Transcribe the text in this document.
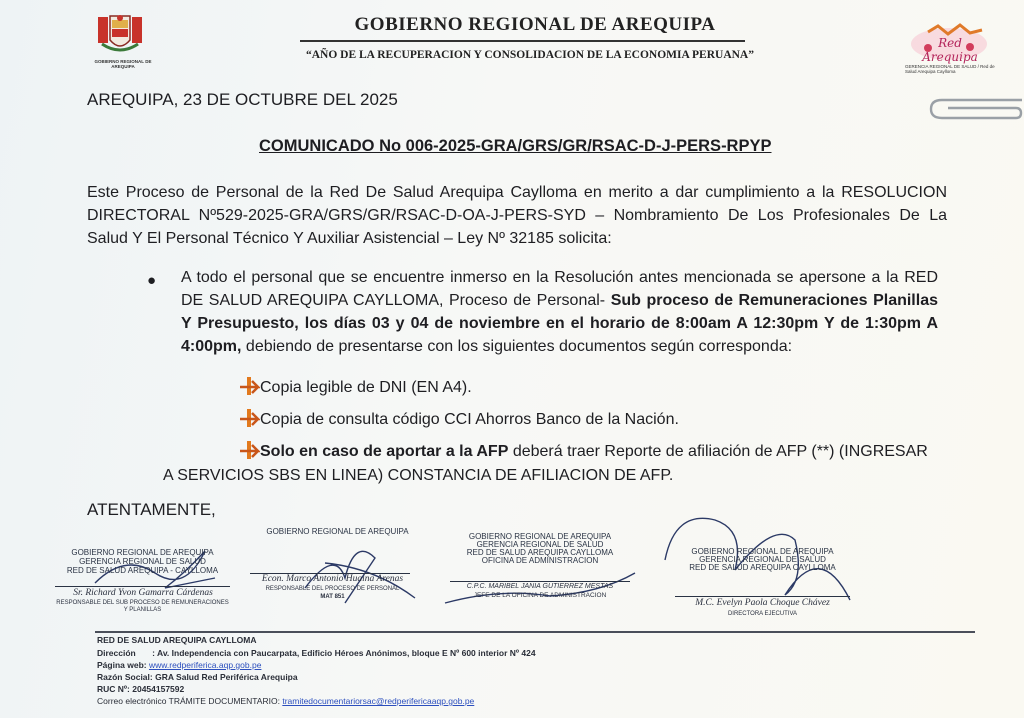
GOBIERNO REGIONAL DE AREQUIPA
GOBIERNO REGIONAL DE AREQUIPA
“AÑO DE LA RECUPERACION Y CONSOLIDACION DE LA ECONOMIA PERUANA”
Red Arequipa
GERENCIA REGIONAL DE SALUD / Red de Salud Arequipa Caylloma
AREQUIPA, 23 DE OCTUBRE DEL 2025
COMUNICADO No 006-2025-GRA/GRS/GR/RSAC-D-J-PERS-RPYP
Este Proceso de Personal de la Red De Salud Arequipa Caylloma en merito a dar cumplimiento a la RESOLUCION
DIRECTORAL Nº529-2025-GRA/GRS/GR/RSAC-D-OA-J-PERS-SYD – Nombramiento De Los Profesionales De La
Salud Y El Personal Técnico Y Auxiliar Asistencial – Ley Nº 32185 solicita:
● A todo el personal que se encuentre inmerso en la Resolución antes mencionada se apersone a la RED
DE SALUD AREQUIPA CAYLLOMA, Proceso de Personal- Sub proceso de Remuneraciones Planillas
Y Presupuesto, los días 03 y 04 de noviembre en el horario de 8:00am A 12:30pm Y de 1:30pm A
4:00pm, debiendo de presentarse con los siguientes documentos según corresponda:
Copia legible de DNI (EN A4).
Copia de consulta código CCI Ahorros Banco de la Nación.
Solo en caso de aportar a la AFP deberá traer Reporte de afiliación de AFP (**) (INGRESAR
A SERVICIOS SBS EN LINEA) CONSTANCIA DE AFILIACION DE AFP.
ATENTAMENTE,
GOBIERNO REGIONAL DE AREQUIPA
GERENCIA REGIONAL DE SALUD
RED DE SALUD AREQUIPA - CAYLLOMA
Sr. Richard Yvon Gamarra Cárdenas
RESPONSABLE DEL SUB PROCESO DE REMUNERACIONES Y PLANILLAS
GOBIERNO REGIONAL DE AREQUIPA
Econ. Marco Antonio Huaina Arenas
RESPONSABLE DEL PROCESO DE PERSONAL
MAT 851
GOBIERNO REGIONAL DE AREQUIPA
GERENCIA REGIONAL DE SALUD
RED DE SALUD AREQUIPA CAYLLOMA
OFICINA DE ADMINISTRACION
C.P.C. MARIBEL JANIA GUTIERREZ MESTAS
JEFE DE LA OFICINA DE ADMINISTRACION
GOBIERNO REGIONAL DE AREQUIPA
GERENCIA REGIONAL DE SALUD
RED DE SALUD AREQUIPA CAYLLOMA
M.C. Evelyn Paola Choque Chávez
DIRECTORA EJECUTIVA
RED DE SALUD AREQUIPA CAYLLOMA
Dirección : Av. Independencia con Paucarpata, Edificio Héroes Anónimos, bloque E Nº 600 interior Nº 424
Página web: www.redperiferica.aqp.gob.pe
Razón Social: GRA Salud Red Periférica Arequipa
RUC Nº: 20454157592
Correo electrónico TRÁMITE DOCUMENTARIO: tramitedocumentariorsac@redperifericaaqp.gob.pe
